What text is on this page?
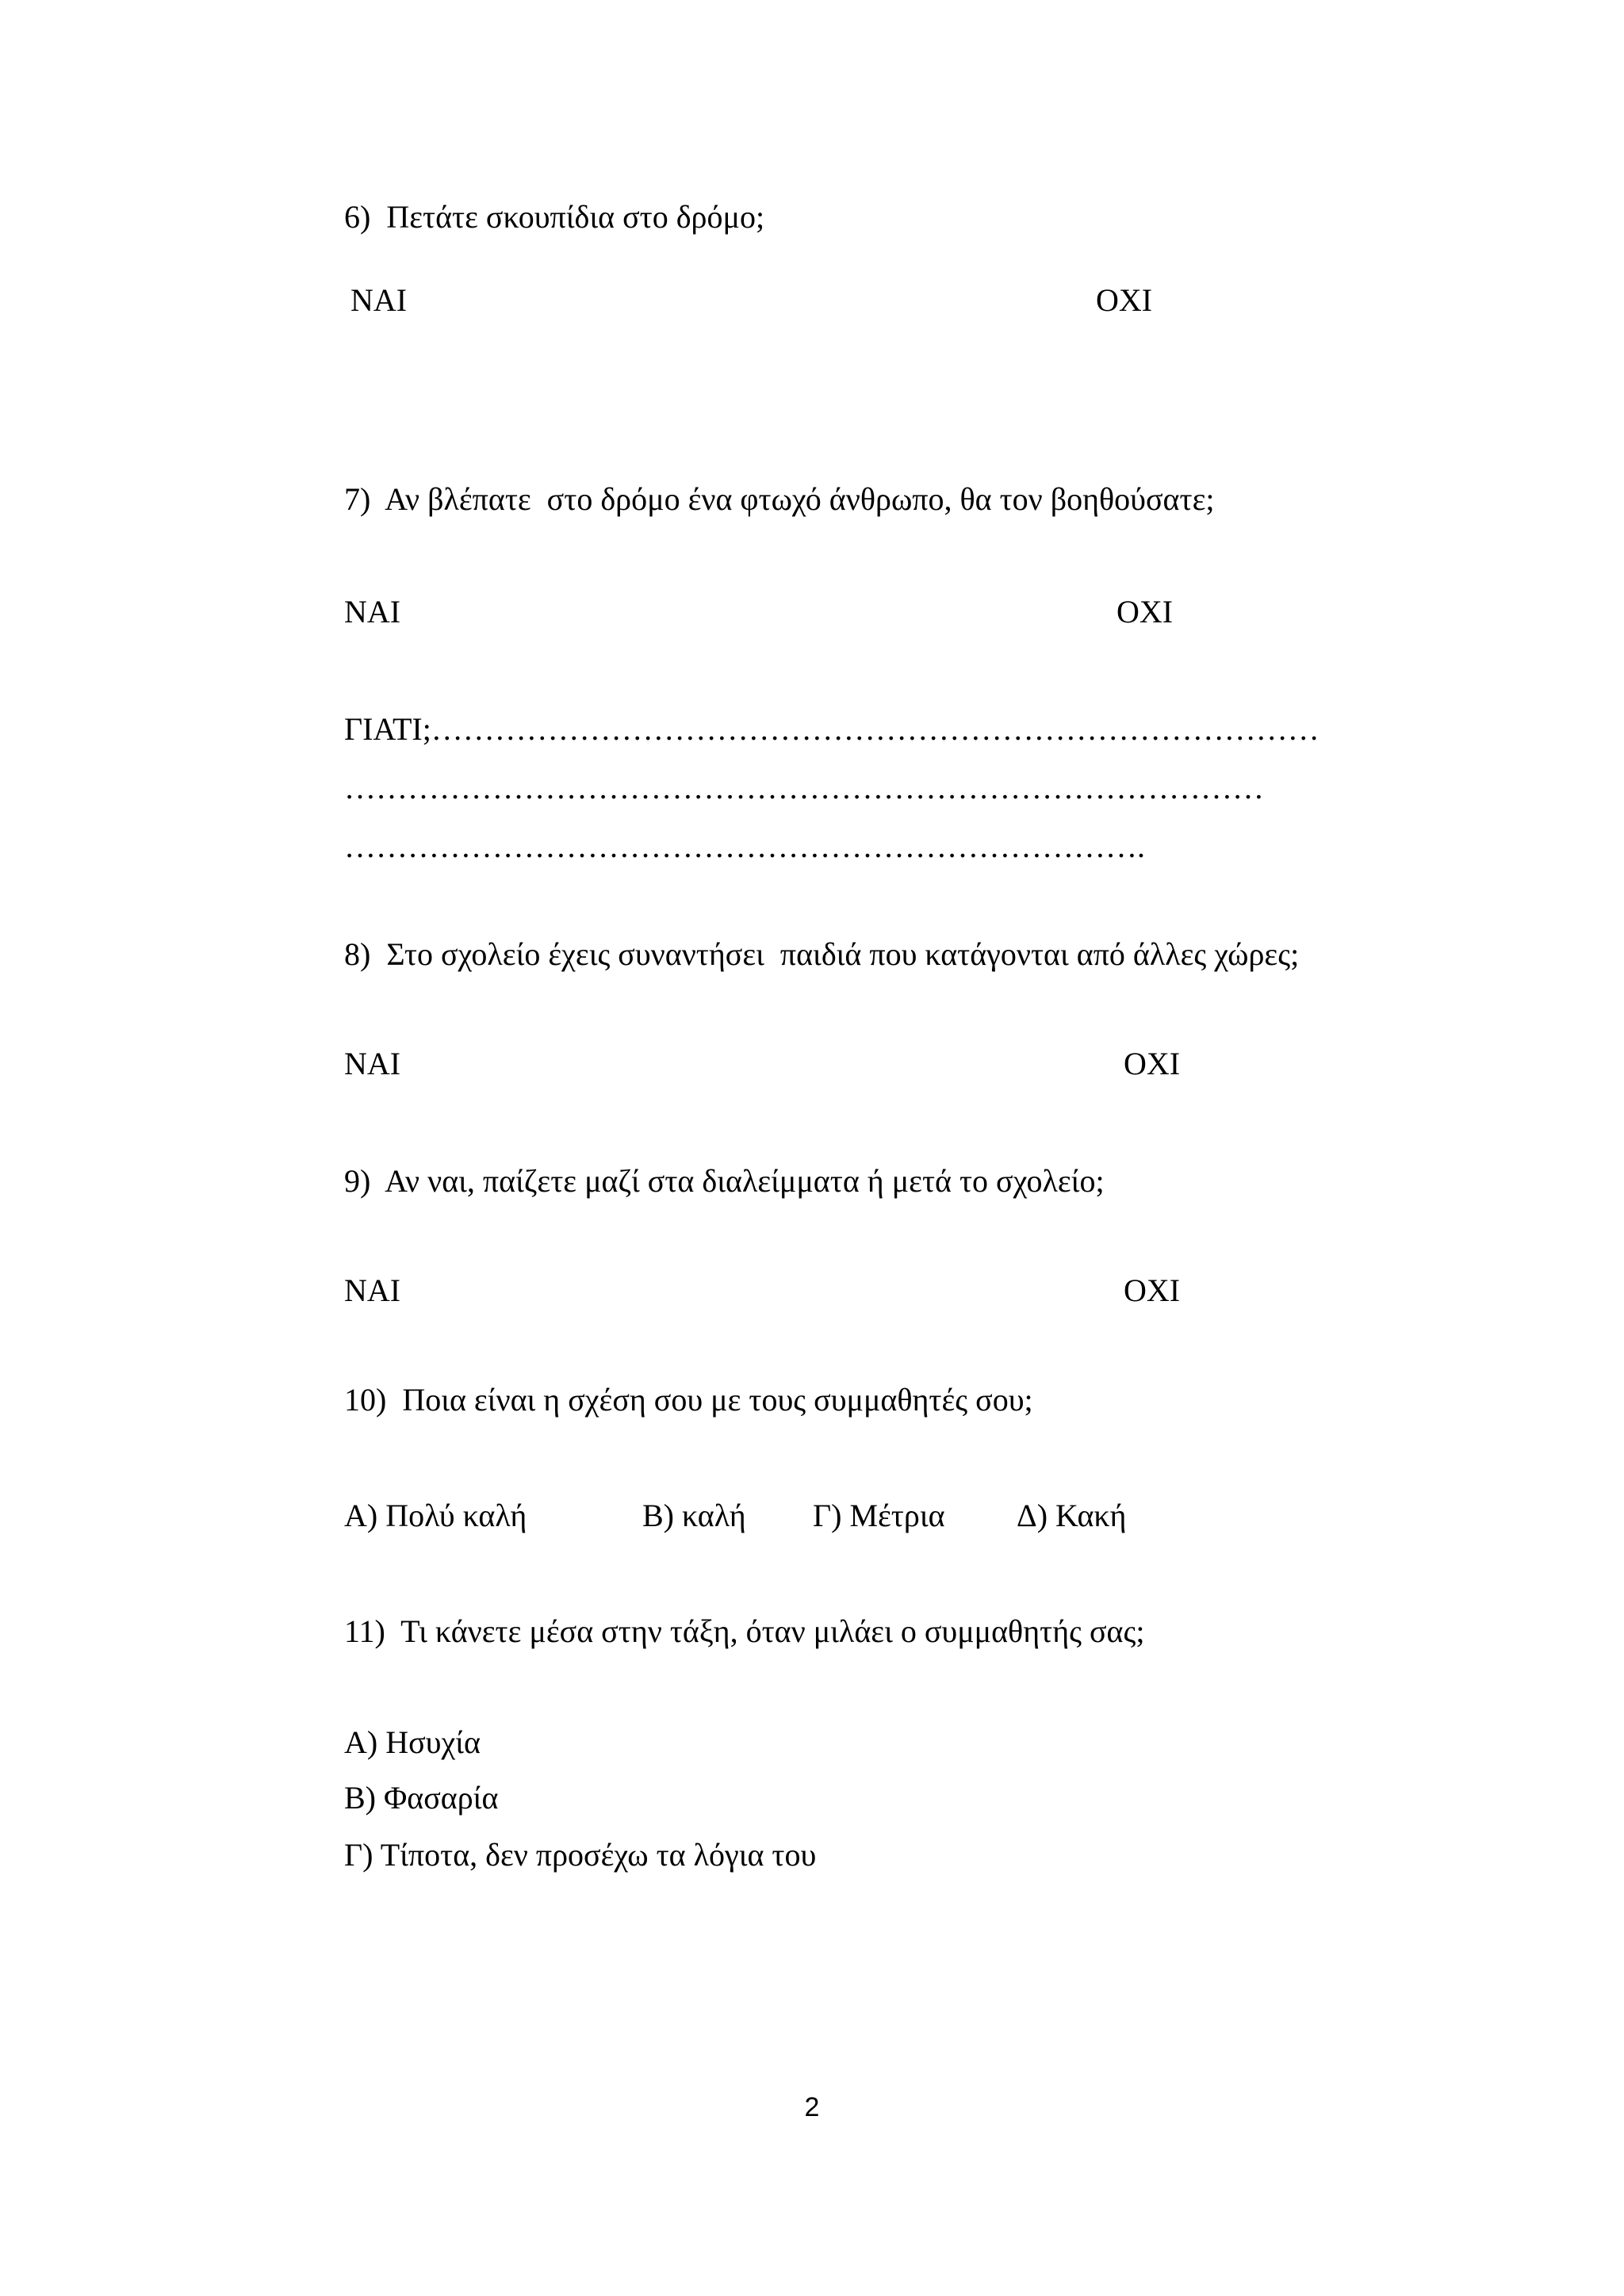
6)  Πετάτε σκουπίδια στο δρόμο;
ΝΑΙ	ΟΧΙ
7)  Αν βλέπατε  στο δρόμο ένα φτωχό άνθρωπο, θα τον βοηθούσατε;
ΝΑΙ	ΟΧΙ
ΓΙΑΤΙ;…………………………………………………………………………
……………………………………………………………………………
………………………………………………………………….
8)  Στο σχολείο έχεις συναντήσει  παιδιά που κατάγονται από άλλες χώρες;
ΝΑΙ	ΟΧΙ
9)  Αν ναι, παίζετε μαζί στα διαλείμματα ή μετά το σχολείο;
ΝΑΙ	ΟΧΙ
10)  Ποια είναι η σχέση σου με τους συμμαθητές σου;
Α) Πολύ καλή	Β) καλή Γ) Μέτρια Δ) Κακή
11)  Τι κάνετε μέσα στην τάξη, όταν μιλάει ο συμμαθητής σας;
Α) Ησυχία
Β) Φασαρία
Γ) Τίποτα, δεν προσέχω τα λόγια του
2
